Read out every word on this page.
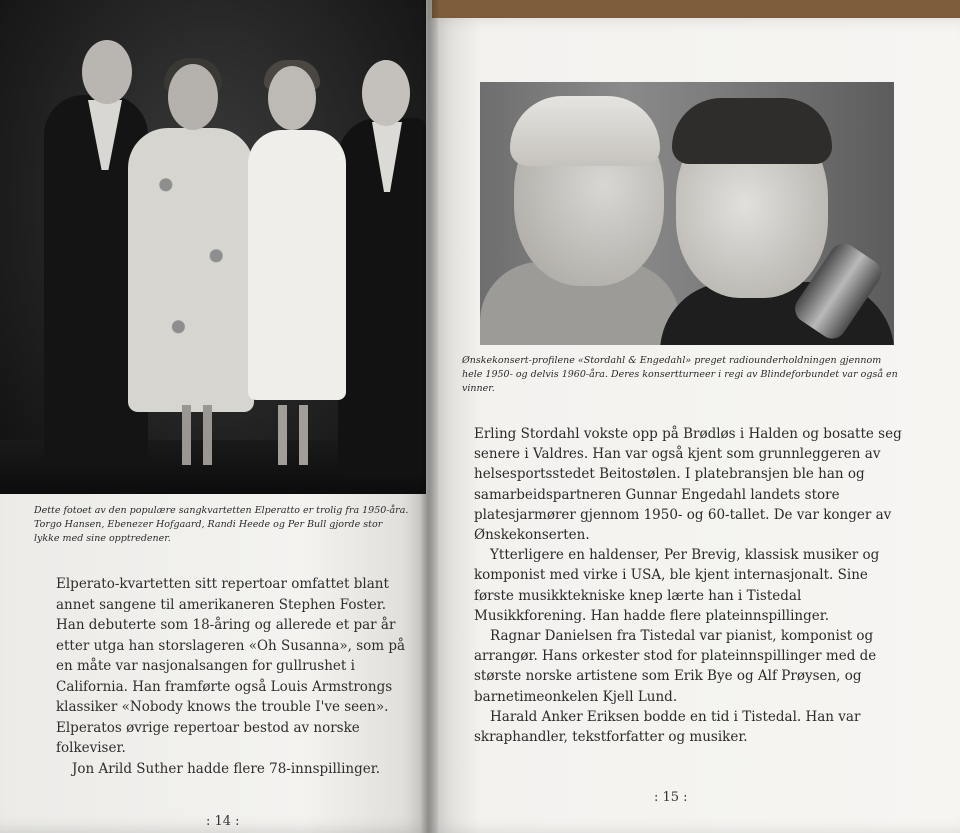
Dette fotoet av den populære sangkvartetten Elperatto er trolig fra 1950-åra. Torgo Hansen, Ebenezer Hofgaard, Randi Heede og Per Bull gjorde stor lykke med sine opptredener.

Elperato-kvartetten sitt repertoar omfattet blant annet sangene til amerikaneren Stephen Foster. Han debuterte som 18-åring og allerede et par år etter utga han storslageren «Oh Susanna», som på en måte var nasjonalsangen for gullrushet i California. Han framførte også Louis Armstrongs klassiker «Nobody knows the trouble I've seen». Elperatos øvrige repertoar bestod av norske folkeviser.

Jon Arild Suther hadde flere 78-innspillinger.

: 14 :
Ønskekonsert-profilene «Stordahl & Engedahl» preget radiounderholdningen gjennom hele 1950- og delvis 1960-åra. Deres konsertturneer i regi av Blindeforbundet var også en vinner.

Erling Stordahl vokste opp på Brødløs i Halden og bosatte seg senere i Valdres. Han var også kjent som grunnleggeren av helsesportsstedet Beitostølen. I platebransjen ble han og samarbeidspartneren Gunnar Engedahl landets store platesjarmører gjennom 1950- og 60-tallet. De var konger av Ønskekonserten.

Ytterligere en haldenser, Per Brevig, klassisk musiker og komponist med virke i USA, ble kjent internasjonalt. Sine første musikktekniske knep lærte han i Tistedal Musikkforening. Han hadde flere plateinnspillinger.

Ragnar Danielsen fra Tistedal var pianist, komponist og arrangør. Hans orkester stod for plateinnspillinger med de største norske artistene som Erik Bye og Alf Prøysen, og barnetimeonkelen Kjell Lund.

Harald Anker Eriksen bodde en tid i Tistedal. Han var skraphandler, tekstforfatter og musiker.

: 15 :
